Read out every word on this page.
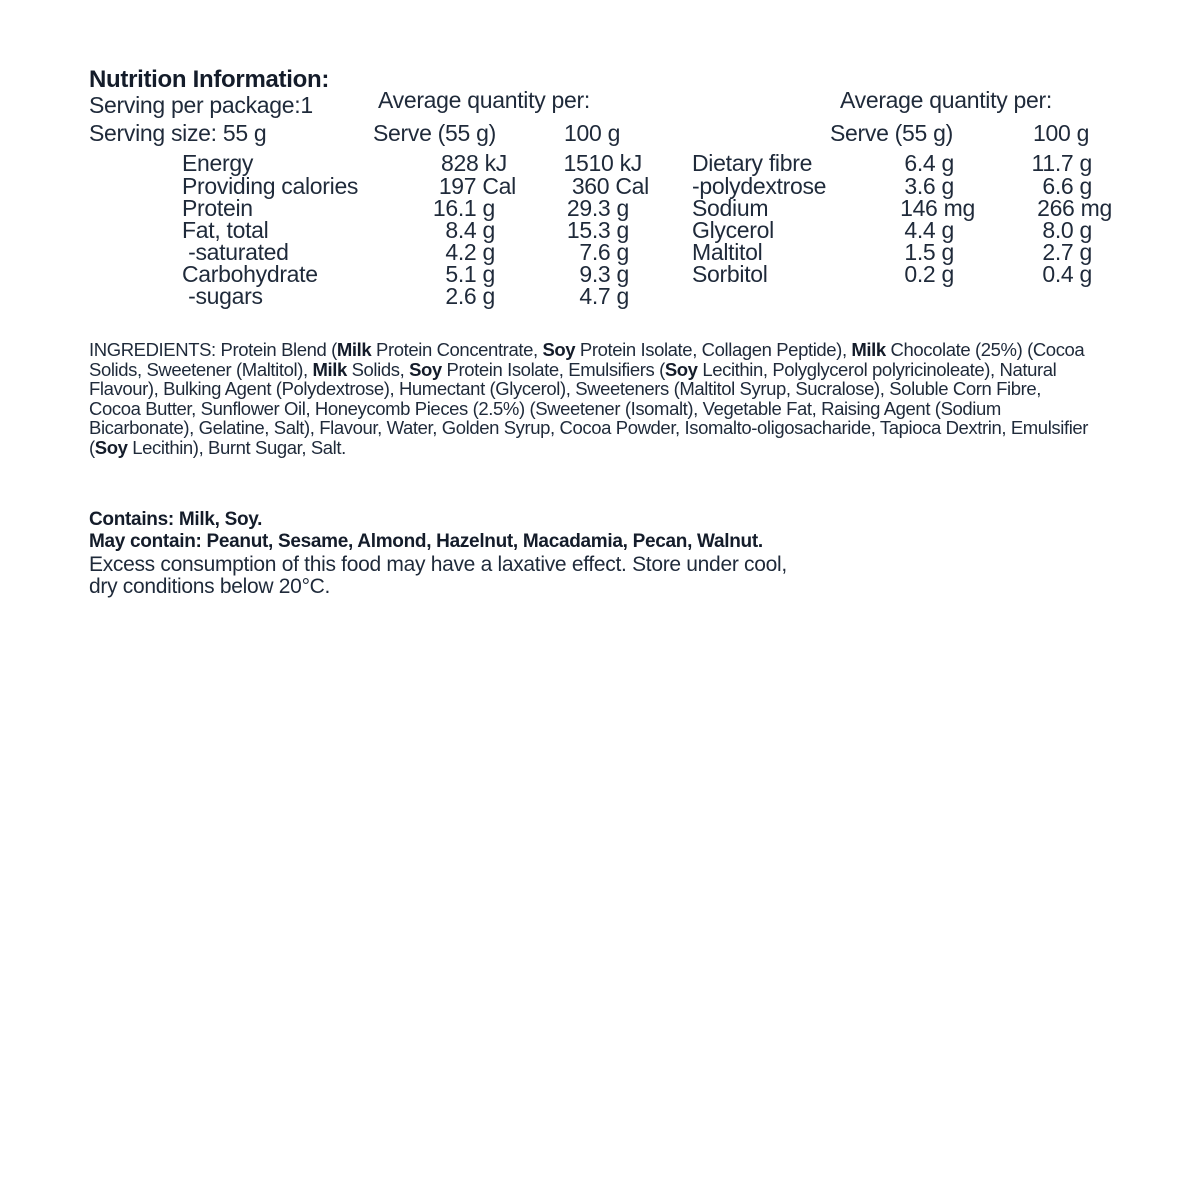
Nutrition Information:
Serving per package:1
Serving size: 55 g
Average quantity per:
Serve (55 g)	100 g
Average quantity per:
Serve (55 g)	100 g
Energy	828 kJ	1510 kJ
Providing calories	197 Cal	360 Cal
Protein	16.1 g	29.3 g
Fat, total	8.4 g	15.3 g
-saturated	4.2 g	7.6 g
Carbohydrate	5.1 g	9.3 g
-sugars	2.6 g	4.7 g
Dietary fibre	6.4 g	11.7 g
-polydextrose	3.6 g	6.6 g
Sodium	146 mg	266 mg
Glycerol	4.4 g	8.0 g
Maltitol	1.5 g	2.7 g
Sorbitol	0.2 g	0.4 g
INGREDIENTS: Protein Blend (Milk Protein Concentrate, Soy Protein Isolate, Collagen Peptide), Milk Chocolate (25%) (Cocoa Solids, Sweetener (Maltitol), Milk Solids, Soy Protein Isolate, Emulsifiers (Soy Lecithin, Polyglycerol polyricinoleate), Natural Flavour), Bulking Agent (Polydextrose), Humectant (Glycerol), Sweeteners (Maltitol Syrup, Sucralose), Soluble Corn Fibre, Cocoa Butter, Sunflower Oil, Honeycomb Pieces (2.5%) (Sweetener (Isomalt), Vegetable Fat, Raising Agent (Sodium Bicarbonate), Gelatine, Salt), Flavour, Water, Golden Syrup, Cocoa Powder, Isomalto-oligosacharide, Tapioca Dextrin, Emulsifier (Soy Lecithin), Burnt Sugar, Salt.
Contains: Milk, Soy.
May contain: Peanut, Sesame, Almond, Hazelnut, Macadamia, Pecan, Walnut.
Excess consumption of this food may have a laxative effect. Store under cool, dry conditions below 20°C.
